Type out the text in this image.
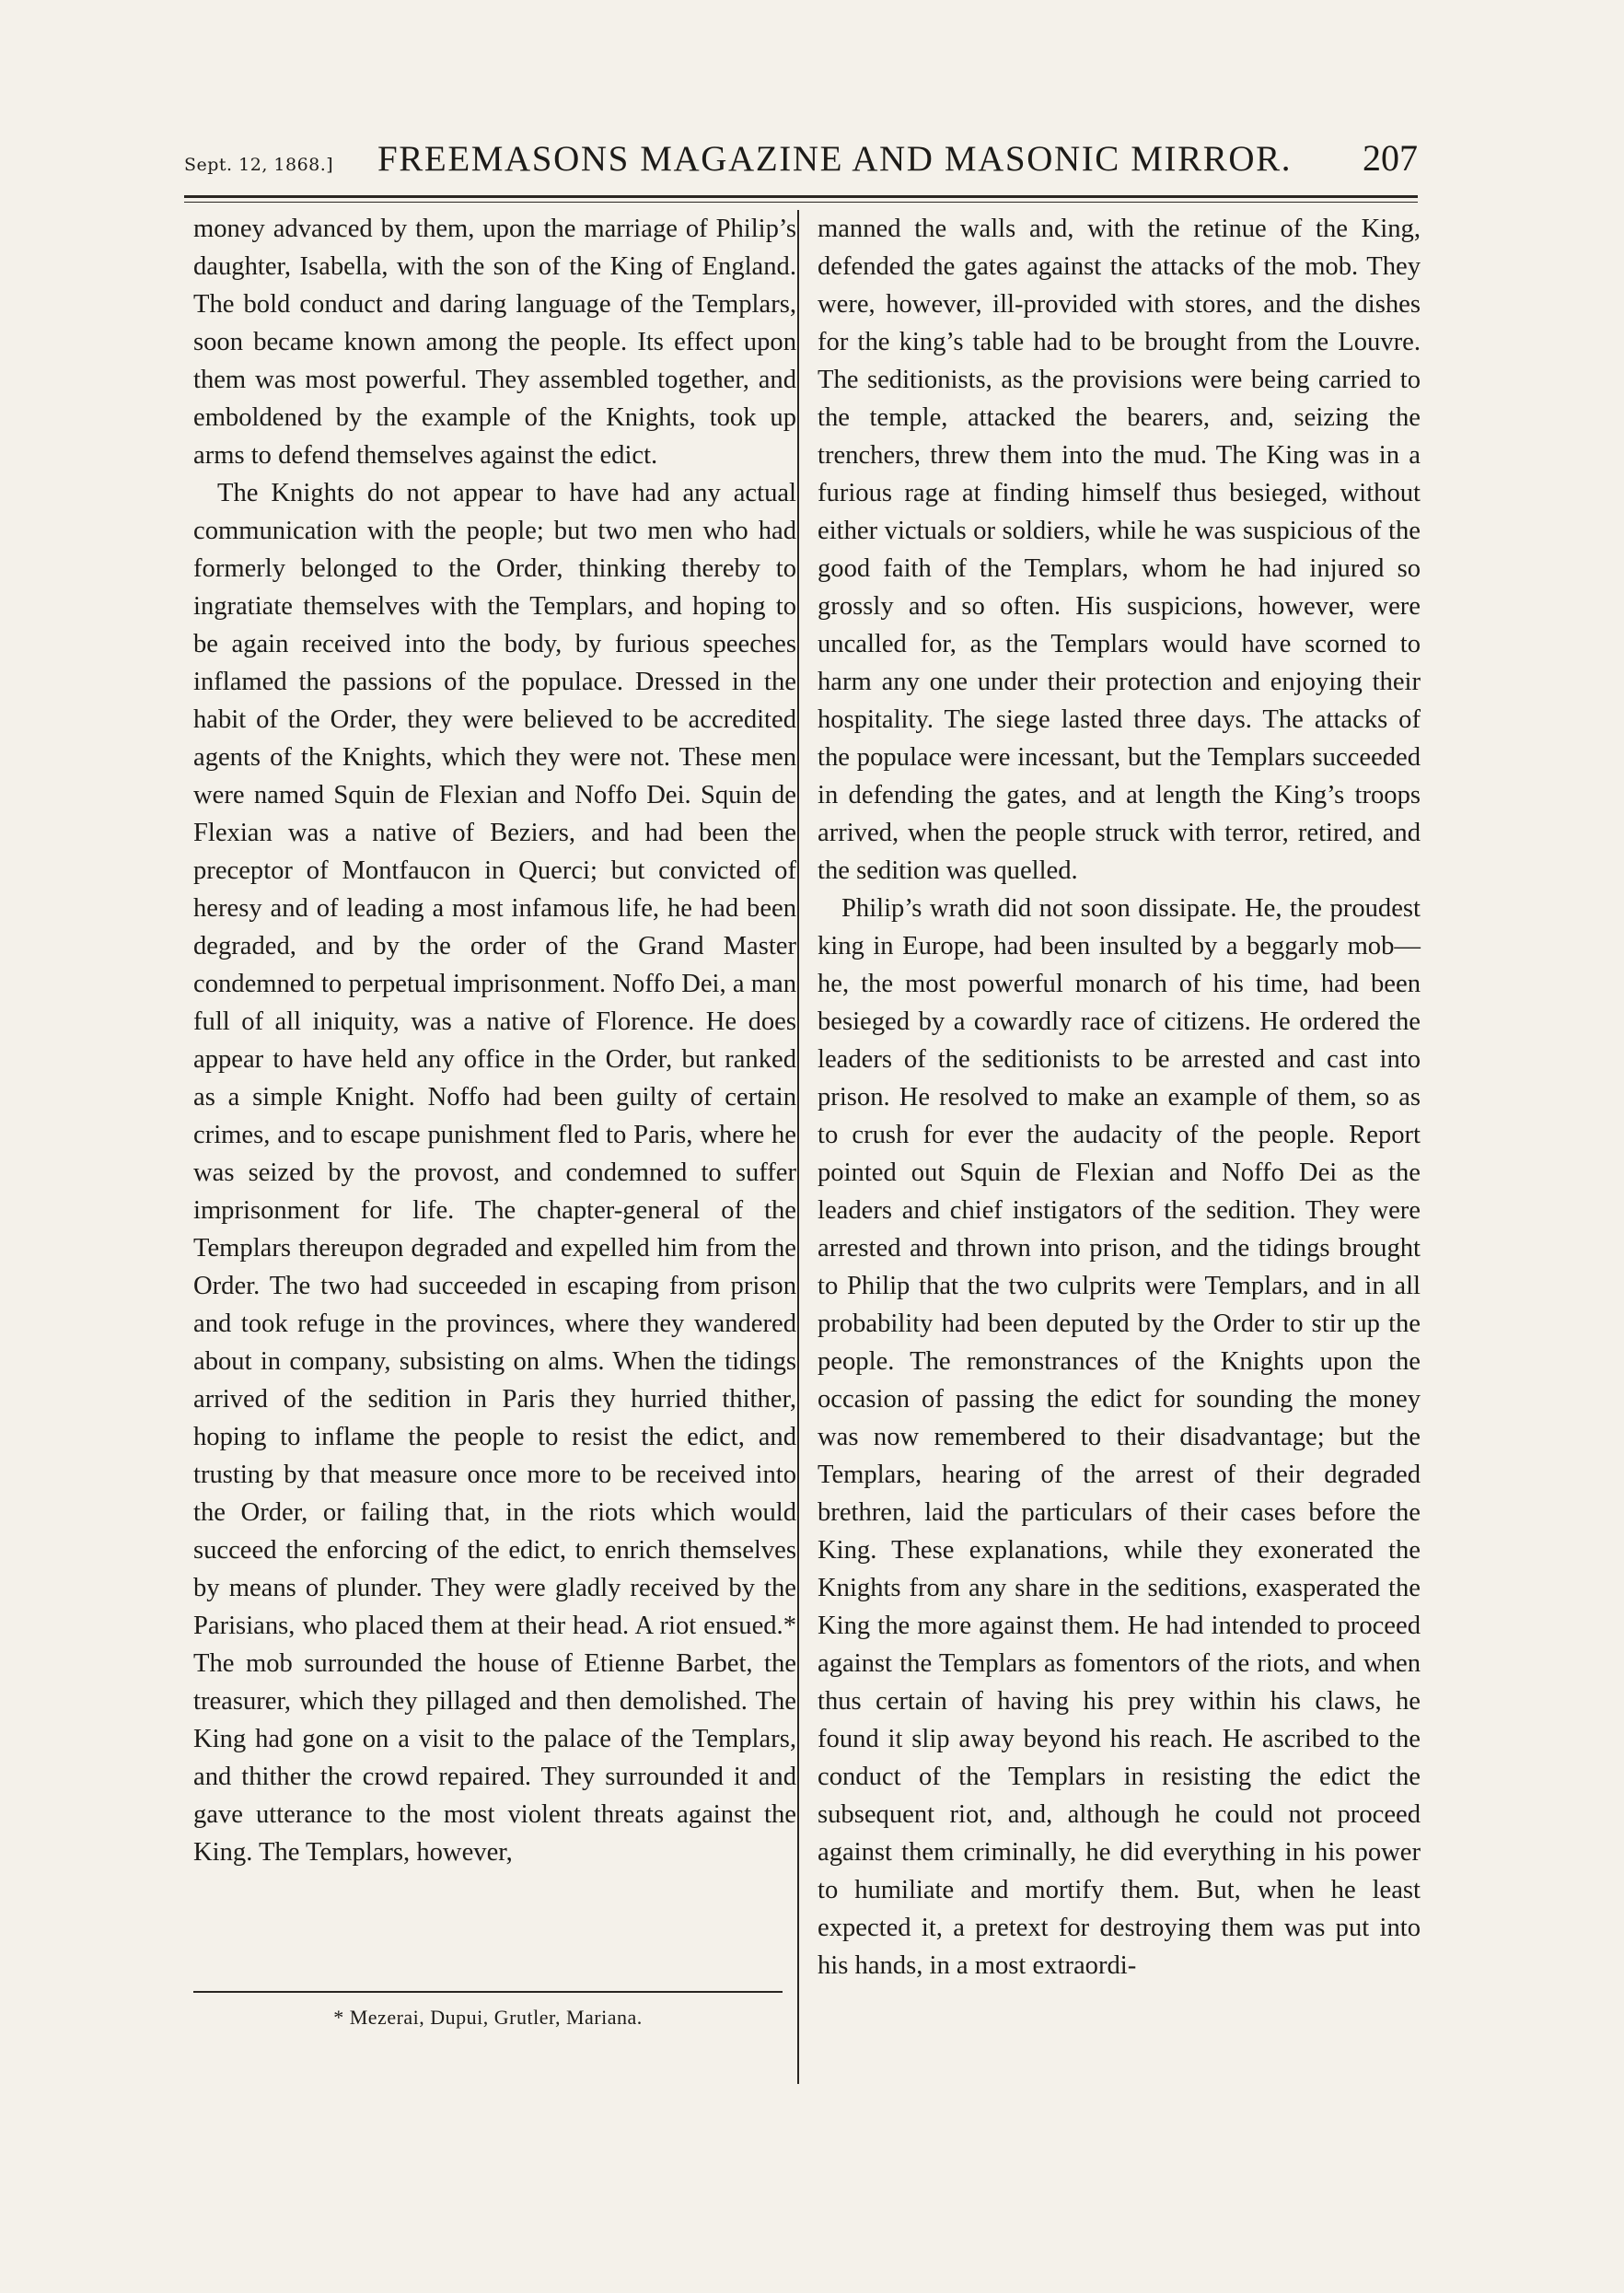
Sept. 12, 1868.] FREEMASONS MAGAZINE AND MASONIC MIRROR. 207

money advanced by them, upon the marriage of Philip’s daughter, Isabella, with the son of the King of England. The bold conduct and daring language of the Templars, soon became known among the people. Its effect upon them was most powerful. They assembled together, and emboldened by the example of the Knights, took up arms to defend themselves against the edict.

The Knights do not appear to have had any actual communication with the people; but two men who had formerly belonged to the Order, thinking thereby to ingratiate themselves with the Templars, and hoping to be again received into the body, by furious speeches inflamed the passions of the populace. Dressed in the habit of the Order, they were believed to be accredited agents of the Knights, which they were not. These men were named Squin de Flexian and Noffo Dei. Squin de Flexian was a native of Beziers, and had been the preceptor of Montfaucon in Querci; but convicted of heresy and of leading a most infamous life, he had been degraded, and by the order of the Grand Master condemned to perpetual imprisonment. Noffo Dei, a man full of all iniquity, was a native of Florence. He does appear to have held any office in the Order, but ranked as a simple Knight. Noffo had been guilty of certain crimes, and to escape punishment fled to Paris, where he was seized by the provost, and condemned to suffer imprisonment for life. The chapter-general of the Templars thereupon degraded and expelled him from the Order. The two had succeeded in escaping from prison and took refuge in the provinces, where they wandered about in company, subsisting on alms. When the tidings arrived of the sedition in Paris they hurried thither, hoping to inflame the people to resist the edict, and trusting by that measure once more to be received into the Order, or failing that, in the riots which would succeed the enforcing of the edict, to enrich themselves by means of plunder. They were gladly received by the Parisians, who placed them at their head. A riot ensued.* The mob surrounded the house of Etienne Barbet, the treasurer, which they pillaged and then demolished. The King had gone on a visit to the palace of the Templars, and thither the crowd repaired. They surrounded it and gave utterance to the most violent threats against the King. The Templars, however,

manned the walls and, with the retinue of the King, defended the gates against the attacks of the mob. They were, however, ill-provided with stores, and the dishes for the king’s table had to be brought from the Louvre. The seditionists, as the provisions were being carried to the temple, attacked the bearers, and, seizing the trenchers, threw them into the mud. The King was in a furious rage at finding himself thus besieged, without either victuals or soldiers, while he was suspicious of the good faith of the Templars, whom he had injured so grossly and so often. His suspicions, however, were uncalled for, as the Templars would have scorned to harm any one under their protection and enjoying their hospitality. The siege lasted three days. The attacks of the populace were incessant, but the Templars succeeded in defending the gates, and at length the King’s troops arrived, when the people struck with terror, retired, and the sedition was quelled.

Philip’s wrath did not soon dissipate. He, the proudest king in Europe, had been insulted by a beggarly mob—he, the most powerful monarch of his time, had been besieged by a cowardly race of citizens. He ordered the leaders of the seditionists to be arrested and cast into prison. He resolved to make an example of them, so as to crush for ever the audacity of the people. Report pointed out Squin de Flexian and Noffo Dei as the leaders and chief instigators of the sedition. They were arrested and thrown into prison, and the tidings brought to Philip that the two culprits were Templars, and in all probability had been deputed by the Order to stir up the people. The remonstrances of the Knights upon the occasion of passing the edict for sounding the money was now remembered to their disadvantage; but the Templars, hearing of the arrest of their degraded brethren, laid the particulars of their cases before the King. These explanations, while they exonerated the Knights from any share in the seditions, exasperated the King the more against them. He had intended to proceed against the Templars as fomentors of the riots, and when thus certain of having his prey within his claws, he found it slip away beyond his reach. He ascribed to the conduct of the Templars in resisting the edict the subsequent riot, and, although he could not proceed against them criminally, he did everything in his power to humiliate and mortify them. But, when he least expected it, a pretext for destroying them was put into his hands, in a most extraordi-

* Mezerai, Dupui, Grutler, Mariana.
